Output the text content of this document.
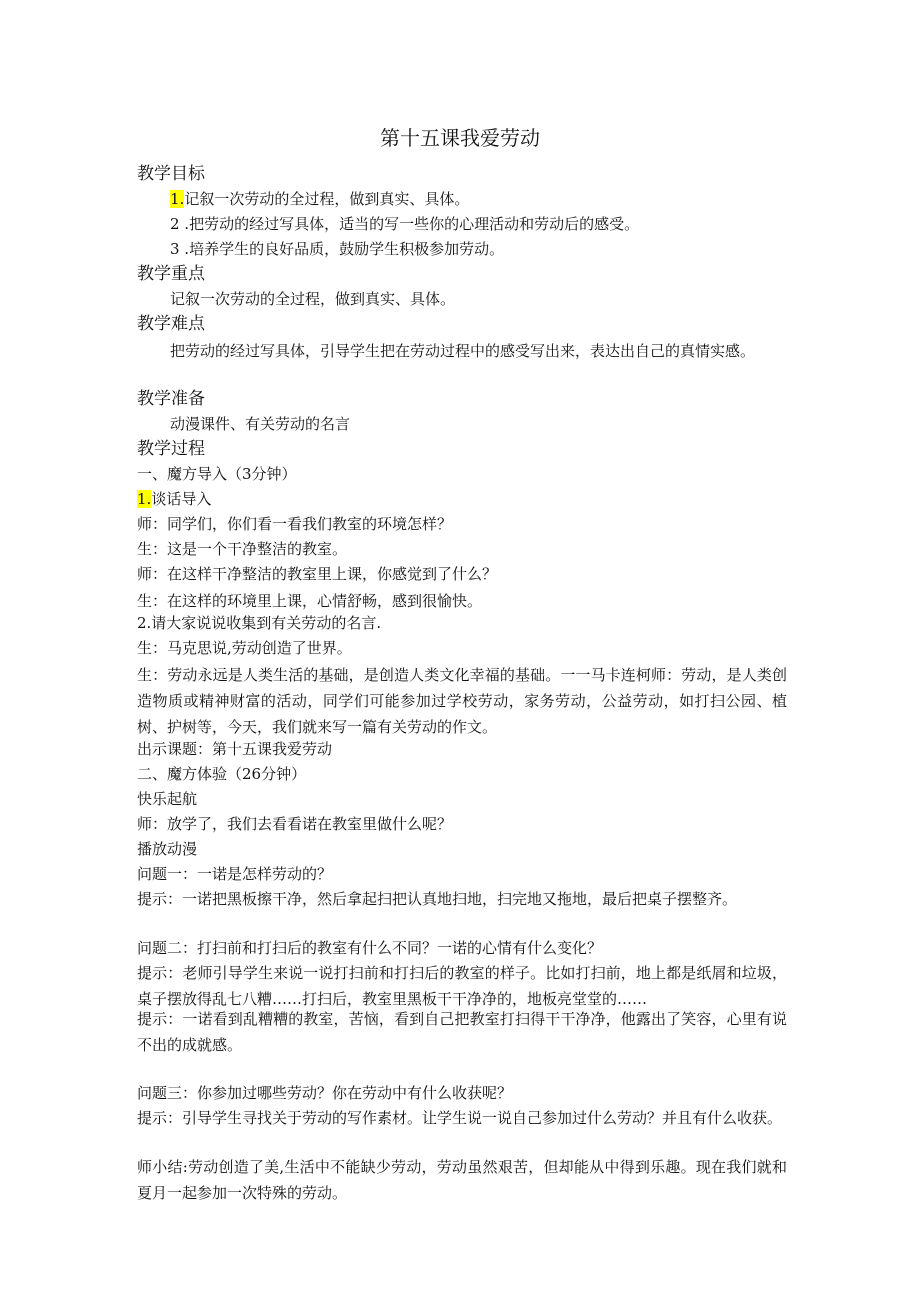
第十五课我爱劳动
教学目标
1.记叙一次劳动的全过程，做到真实、具体。
2 .把劳动的经过写具体，适当的写一些你的心理活动和劳动后的感受。
3 .培养学生的良好品质，鼓励学生积极参加劳动。
教学重点
记叙一次劳动的全过程，做到真实、具体。
教学难点
把劳动的经过写具体，引导学生把在劳动过程中的感受写出来，表达出自己的真情实感。
教学准备
动漫课件、有关劳动的名言
教学过程
一、魔方导入（3分钟）
1.谈话导入
师：同学们，你们看一看我们教室的环境怎样？
生：这是一个干净整洁的教室。
师：在这样干净整洁的教室里上课，你感觉到了什么？
生：在这样的环境里上课，心情舒畅，感到很愉快。
2.请大家说说收集到有关劳动的名言.
生：马克思说,劳动创造了世界。
生：劳动永远是人类生活的基础，是创造人类文化幸福的基础。一一马卡连柯师：劳动，是人类创造物质或精神财富的活动，同学们可能参加过学校劳动，家务劳动，公益劳动，如打扫公园、植树、护树等，今天，我们就来写一篇有关劳动的作文。
出示课题：第十五课我爱劳动
二、魔方体验（26分钟）
快乐起航
师：放学了，我们去看看诺在教室里做什么呢？
播放动漫
问题一：一诺是怎样劳动的？
提示：一诺把黑板擦干净，然后拿起扫把认真地扫地，扫完地又拖地，最后把桌子摆整齐。
问题二：打扫前和打扫后的教室有什么不同？一诺的心情有什么变化？
提示：老师引导学生来说一说打扫前和打扫后的教室的样子。比如打扫前，地上都是纸屑和垃圾，桌子摆放得乱七八糟……打扫后，教室里黑板干干净净的，地板亮堂堂的……
提示：一诺看到乱糟糟的教室，苦恼，看到自己把教室打扫得干干净净，他露出了笑容，心里有说不出的成就感。
问题三：你参加过哪些劳动？你在劳动中有什么收获呢？
提示：引导学生寻找关于劳动的写作素材。让学生说一说自己参加过什么劳动？并且有什么收获。
师小结:劳动创造了美,生活中不能缺少劳动，劳动虽然艰苦，但却能从中得到乐趣。现在我们就和夏月一起参加一次特殊的劳动。
